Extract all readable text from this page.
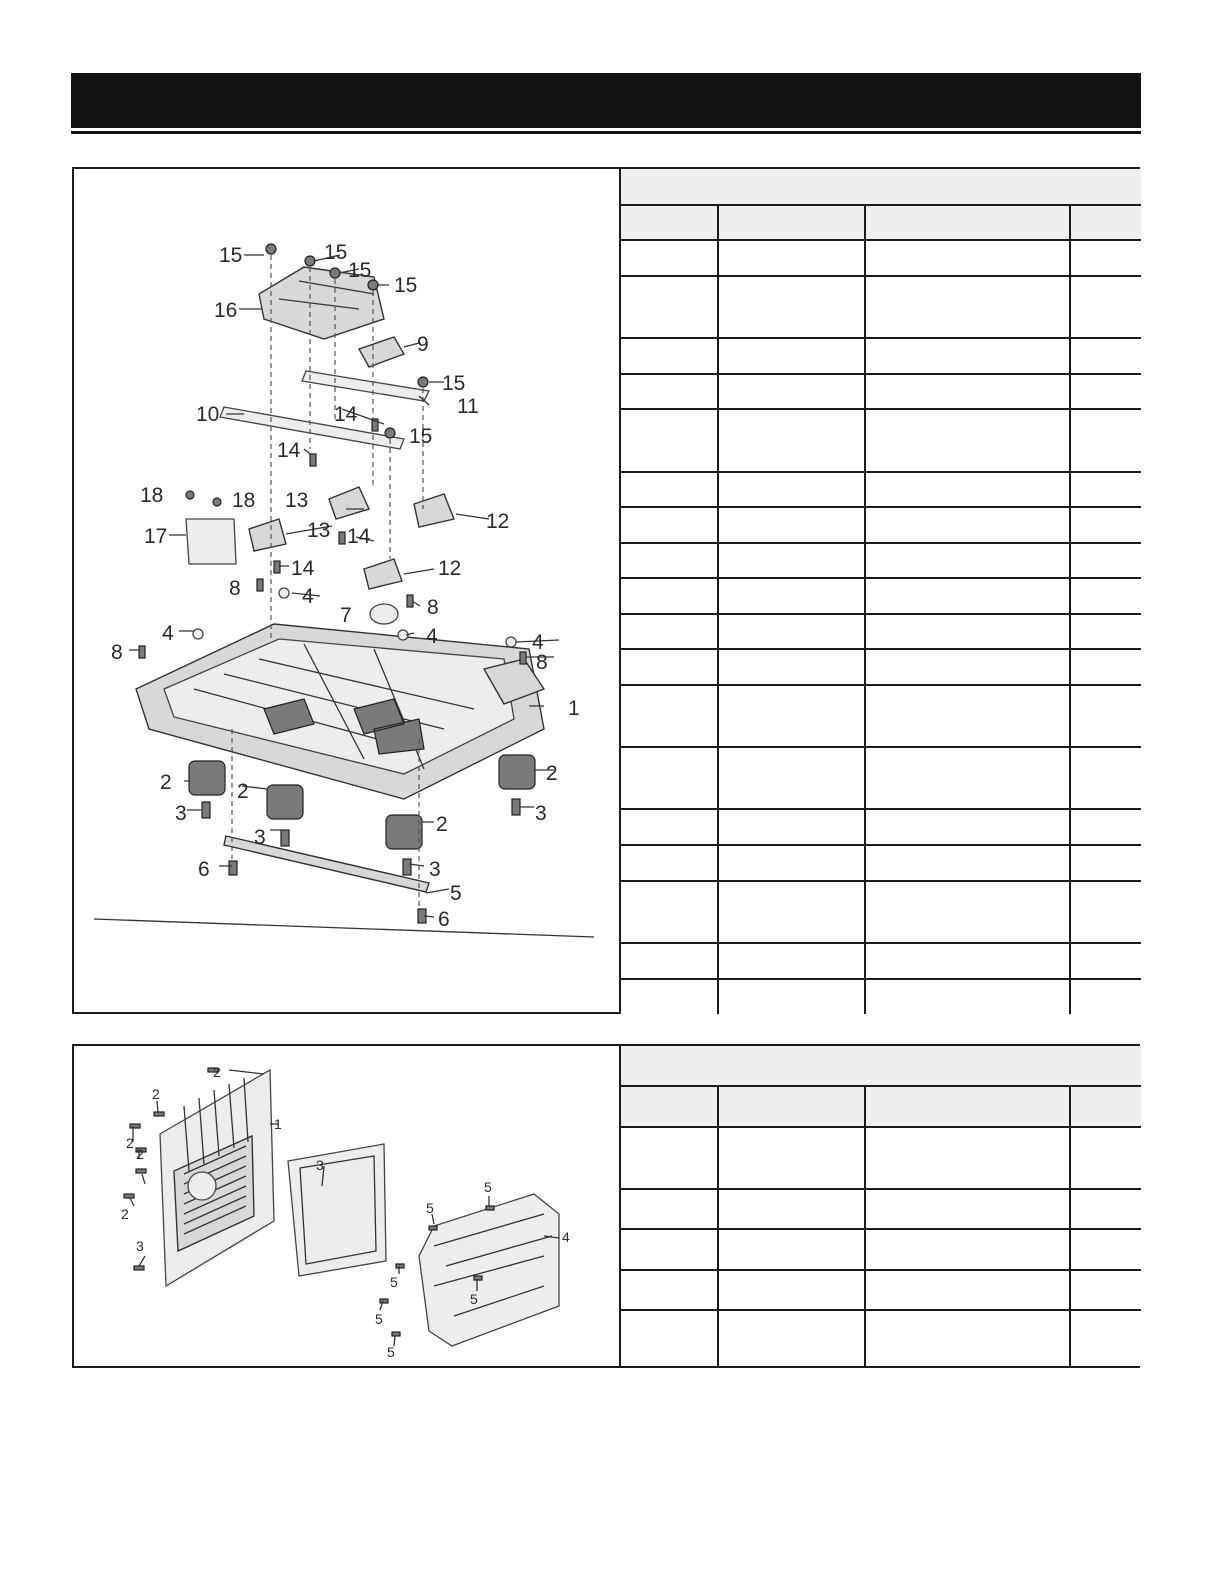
15	15
15
15
16
9
15
11
10	14
15
14
18	18 13
12
17	13 14
14	12
8	4
7	8
4	4	4
8	8
1
2	2
2
2
3	3
3
3
6
5
6

2
2
2
2
2
1
3
3
5
5
4
5
5
5
5
